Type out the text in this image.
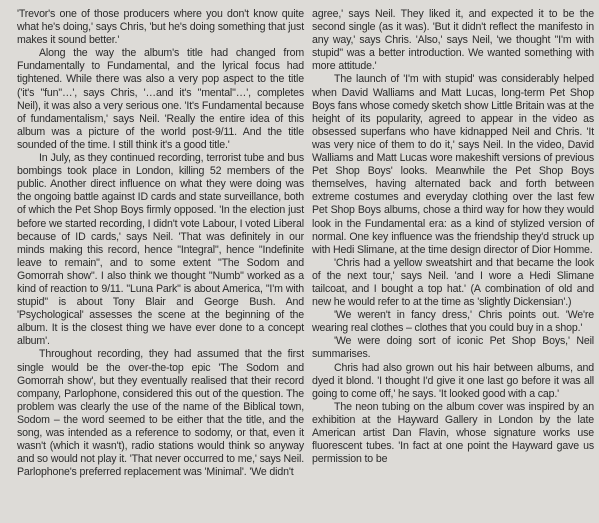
'Trevor's one of those producers where you don't know quite what he's doing,' says Chris, 'but he's doing something that just makes it sound better.'

Along the way the album's title had changed from Fundamentally to Fundamental, and the lyrical focus had tightened. While there was also a very pop aspect to the title ('it's "fun"…', says Chris, '…and it's "mental"…', completes Neil), it was also a very serious one. 'It's Fundamental because of fundamentalism,' says Neil. 'Really the entire idea of this album was a picture of the world post-9/11. And the title sounded of the time. I still think it's a good title.'

In July, as they continued recording, terrorist tube and bus bombings took place in London, killing 52 members of the public. Another direct influence on what they were doing was the ongoing battle against ID cards and state surveillance, both of which the Pet Shop Boys firmly opposed. 'In the election just before we started recording, I didn't vote Labour, I voted Liberal because of ID cards,' says Neil. 'That was definitely in our minds making this record, hence "Integral", hence "Indefinite leave to remain", and to some extent "The Sodom and Gomorrah show". I also think we thought "Numb" worked as a kind of reaction to 9/11. "Luna Park" is about America, "I'm with stupid" is about Tony Blair and George Bush. And 'Psychological' assesses the scene at the beginning of the album. It is the closest thing we have ever done to a concept album'.

Throughout recording, they had assumed that the first single would be the over-the-top epic 'The Sodom and Gomorrah show', but they eventually realised that their record company, Parlophone, considered this out of the question. The problem was clearly the use of the name of the Biblical town, Sodom – the word seemed to be either that the title, and the song, was intended as a reference to sodomy, or that, even it wasn't (which it wasn't), radio stations would think so anyway and so would not play it. 'That never occurred to me,' says Neil. Parlophone's preferred replacement was 'Minimal'. 'We didn't

agree,' says Neil. They liked it, and expected it to be the second single (as it was). 'But it didn't reflect the manifesto in any way,' says Chris. 'Also,' says Neil, 'we thought "I'm with stupid" was a better introduction. We wanted something with more attitude.'

The launch of 'I'm with stupid' was considerably helped when David Walliams and Matt Lucas, long-term Pet Shop Boys fans whose comedy sketch show Little Britain was at the height of its popularity, agreed to appear in the video as obsessed superfans who have kidnapped Neil and Chris. 'It was very nice of them to do it,' says Neil. In the video, David Walliams and Matt Lucas wore makeshift versions of previous Pet Shop Boys' looks. Meanwhile the Pet Shop Boys themselves, having alternated back and forth between extreme costumes and everyday clothing over the last few Pet Shop Boys albums, chose a third way for how they would look in the Fundamental era: as a kind of stylized version of normal. One key influence was the friendship they'd struck up with Hedi Slimane, at the time design director of Dior Homme.

'Chris had a yellow sweatshirt and that became the look of the next tour,' says Neil. 'and I wore a Hedi Slimane tailcoat, and I bought a top hat.' (A combination of old and new he would refer to at the time as 'slightly Dickensian'.)

'We weren't in fancy dress,' Chris points out. 'We're wearing real clothes – clothes that you could buy in a shop.'

'We were doing sort of iconic Pet Shop Boys,' Neil summarises.

Chris had also grown out his hair between albums, and dyed it blond. 'I thought I'd give it one last go before it was all going to come off,' he says. 'It looked good with a cap.'

The neon tubing on the album cover was inspired by an exhibition at the Hayward Gallery in London by the late American artist Dan Flavin, whose signature works use fluorescent tubes. 'In fact at one point the Hayward gave us permission to be
